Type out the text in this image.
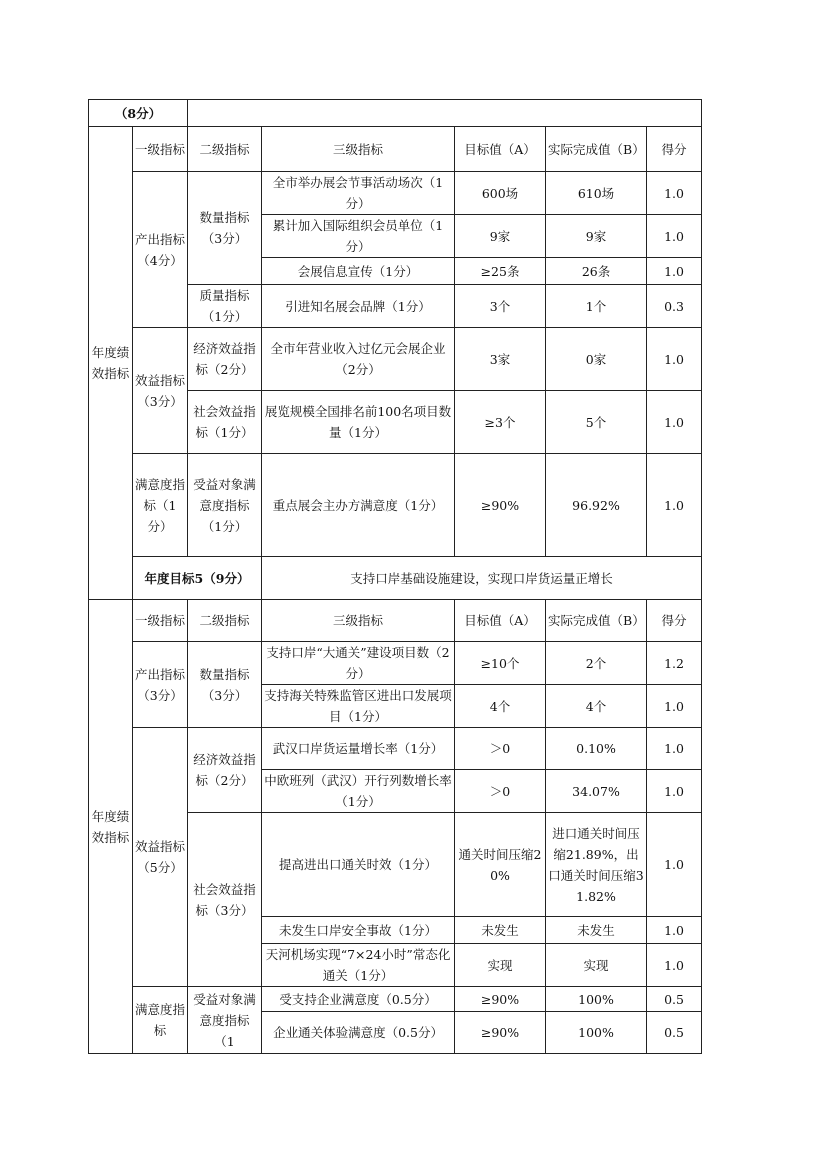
（8分）						
年度绩效指标	一级指标	二级指标	三级指标	目标值（A）	实际完成值（B）	得分
	产出指标（4分）	数量指标（3分）	全市举办展会节事活动场次（1分）	600场	610场	1.0
			累计加入国际组织会员单位（1分）	9家	9家	1.0
			会展信息宣传（1分）	≥25条	26条	1.0
		质量指标（1分）	引进知名展会品牌（1分）	3个	1个	0.3
	效益指标（3分）	经济效益指标（2分）	全市年营业收入过亿元会展企业（2分）	3家	0家	1.0
		社会效益指标（1分）	展览规模全国排名前100名项目数量（1分）	≥3个	5个	1.0
	满意度指标（1分）	受益对象满意度指标（1分）	重点展会主办方满意度（1分）	≥90%	96.92%	1.0
	年度目标5（9分）		支持口岸基础设施建设，实现口岸货运量正增长			
年度绩效指标	一级指标	二级指标	三级指标	目标值（A）	实际完成值（B）	得分
	产出指标（3分）	数量指标（3分）	支持口岸“大通关”建设项目数（2分）	≥10个	2个	1.2
			支持海关特殊监管区进出口发展项目（1分）	4个	4个	1.0
	效益指标（5分）	经济效益指标（2分）	武汉口岸货运量增长率（1分）	＞0	0.10%	1.0
			中欧班列（武汉）开行列数增长率（1分）	＞0	34.07%	1.0
		社会效益指标（3分）	提高进出口通关时效（1分）	通关时间压缩20%	进口通关时间压缩21.89%，出口通关时间压缩31.82%	1.0
			未发生口岸安全事故（1分）	未发生	未发生	1.0
			天河机场实现“7×24小时”常态化通关（1分）	实现	实现	1.0
	满意度指标	受益对象满意度指标（1	受支持企业满意度（0.5分）	≥90%	100%	0.5
			企业通关体验满意度（0.5分）	≥90%	100%	0.5
